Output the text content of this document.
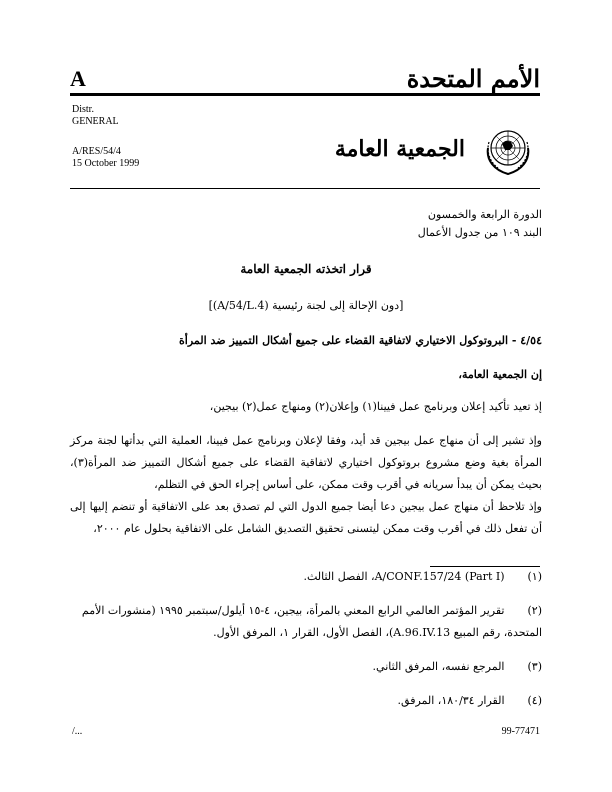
A	الأمم المتحدة
Distr.
GENERAL
A/RES/54/4
15 October 1999
الجمعية العامة
الدورة الرابعة والخمسون
البند ١٠٩ من جدول الأعمال
قرار اتخذته الجمعية العامة
[دون الإحالة إلى لجنة رئيسية (A/54/L.4)]
٤/٥٤ - البروتوكول الاختياري لاتفاقية القضاء على جميع أشكال التمييز ضد المرأة
إن الجمعية العامة،
إذ تعيد تأكيد إعلان وبرنامج عمل فيينا(١) وإعلان(٢) ومنهاج عمل(٢) بيجين،
وإذ تشير إلى أن منهاج عمل بيجين قد أيد، وفقا لإعلان وبرنامج عمل فيينا، العملية التي بدأتها لجنة مركز المرأة بغية وضع مشروع بروتوكول اختياري لاتفاقية القضاء على جميع أشكال التمييز ضد المرأة(٣)، بحيث يمكن أن يبدأ سريانه في أقرب وقت ممكن، على أساس إجراء الحق في التظلم،
وإذ تلاحظ أن منهاج عمل بيجين دعا أيضا جميع الدول التي لم تصدق بعد على الاتفاقية أو تنضم إليها إلى أن تفعل ذلك في أقرب وقت ممكن ليتسنى تحقيق التصديق الشامل على الاتفاقية بحلول عام ٢٠٠٠،
(١) A/CONF.157/24 (Part I)، الفصل الثالث.
(٢) تقرير المؤتمر العالمي الرابع المعني بالمرأة، بيجين، ٤-١٥ أيلول/سبتمبر ١٩٩٥ (منشورات الأمم المتحدة، رقم المبيع A.96.IV.13)، الفصل الأول، القرار ١، المرفق الأول.
(٣) المرجع نفسه، المرفق الثاني.
(٤) القرار ١٨٠/٣٤، المرفق.
/...	99-77471
